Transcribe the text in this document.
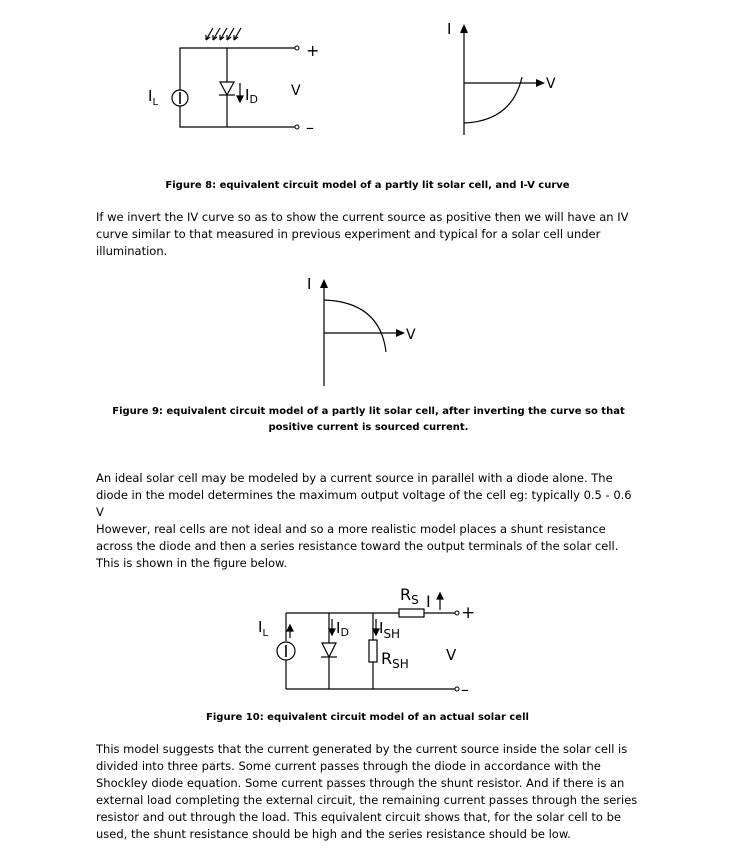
$I_L$	$I_D$
V
+
–
I
V
Figure 8: equivalent circuit model of a partly lit solar cell, and I-V curve

If we invert the IV curve so as to show the current source as positive then we will have an IV curve similar to that measured in previous experiment and typical for a solar cell under illumination.

I
V
Figure 9: equivalent circuit model of a partly lit solar cell, after inverting the curve so that positive current is sourced current.

An ideal solar cell may be modeled by a current source in parallel with a diode alone. The diode in the model determines the maximum output voltage of the cell eg: typically 0.5 - 0.6 V

However, real cells are not ideal and so a more realistic model places a shunt resistance across the diode and then a series resistance toward the output terminals of the solar cell. This is shown in the figure below.

$R_S$ I
+
$I_L$	$I_D$ $I_{SH}$
$R_{SH}$ V
–
Figure 10: equivalent circuit model of an actual solar cell

This model suggests that the current generated by the current source inside the solar cell is divided into three parts. Some current passes through the diode in accordance with the Shockley diode equation. Some current passes through the shunt resistor. And if there is an external load completing the external circuit, the remaining current passes through the series resistor and out through the load. This equivalent circuit shows that, for the solar cell to be used, the shunt resistance should be high and the series resistance should be low.
